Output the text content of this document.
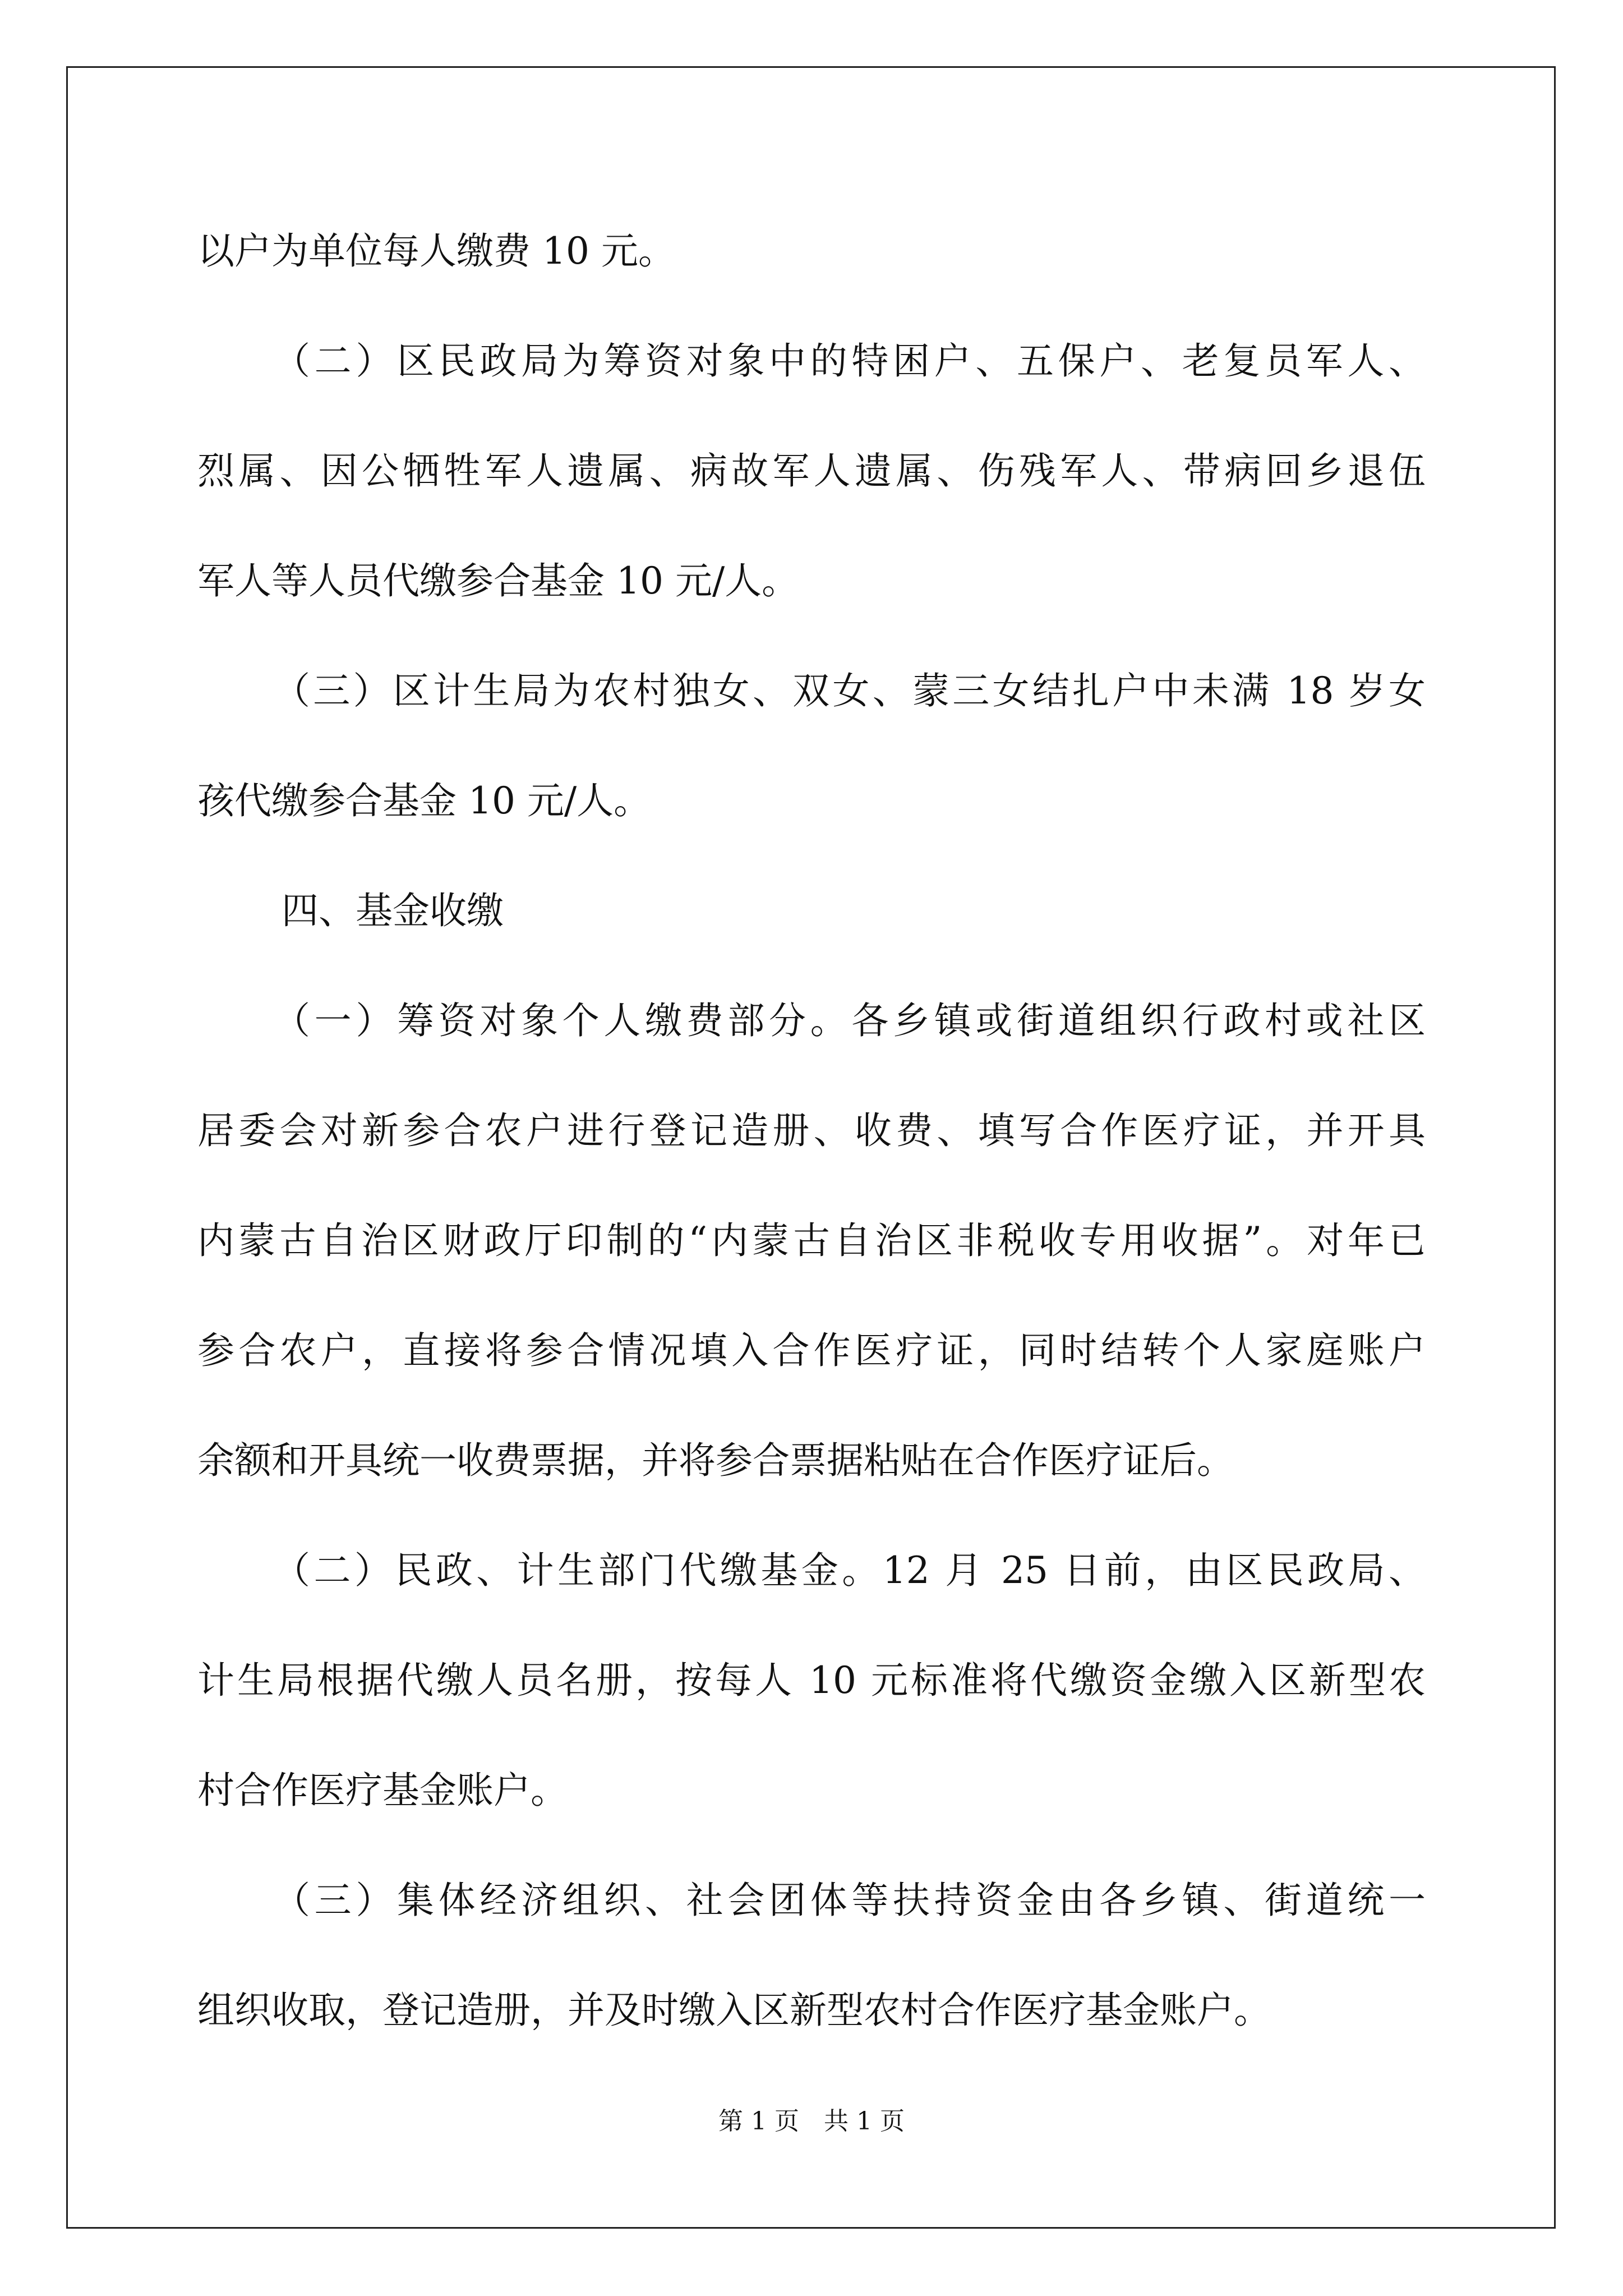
以户为单位每人缴费 10 元。
（二）区民政局为筹资对象中的特困户、五保户、老复员军人、
烈属、因公牺牲军人遗属、病故军人遗属、伤残军人、带病回乡退伍
军人等人员代缴参合基金 10 元/人。
（三）区计生局为农村独女、双女、蒙三女结扎户中未满 18 岁女
孩代缴参合基金 10 元/人。
四、基金收缴
（一）筹资对象个人缴费部分。各乡镇或街道组织行政村或社区
居委会对新参合农户进行登记造册、收费、填写合作医疗证，并开具
内蒙古自治区财政厅印制的“内蒙古自治区非税收专用收据”。对年已
参合农户，直接将参合情况填入合作医疗证，同时结转个人家庭账户
余额和开具统一收费票据，并将参合票据粘贴在合作医疗证后。
（二）民政、计生部门代缴基金。12 月 25 日前，由区民政局、
计生局根据代缴人员名册，按每人 10 元标准将代缴资金缴入区新型农
村合作医疗基金账户。
（三）集体经济组织、社会团体等扶持资金由各乡镇、街道统一
组织收取，登记造册，并及时缴入区新型农村合作医疗基金账户。
第 1 页　共 1 页
